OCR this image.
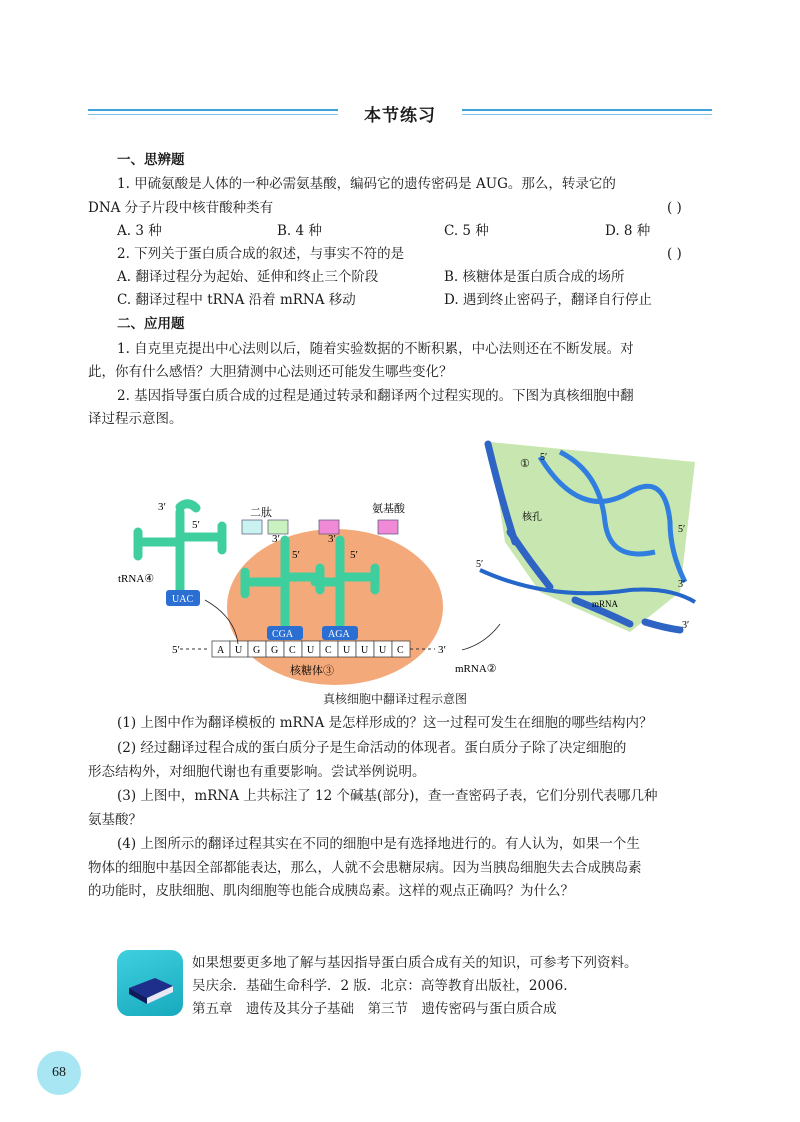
本节练习
一、思辨题
1. 甲硫氨酸是人体的一种必需氨基酸，编码它的遗传密码是 AUG。那么，转录它的
DNA 分子片段中核苷酸种类有	( )
A. 3 种	B. 4 种	C. 5 种	D. 8 种
2. 下列关于蛋白质合成的叙述，与事实不符的是	( )
A. 翻译过程分为起始、延伸和终止三个阶段	B. 核糖体是蛋白质合成的场所
C. 翻译过程中 tRNA 沿着 mRNA 移动	D. 遇到终止密码子，翻译自行停止
二、应用题
1. 自克里克提出中心法则以后，随着实验数据的不断积累，中心法则还在不断发展。对
此，你有什么感悟？大胆猜测中心法则还可能发生哪些变化？
2. 基因指导蛋白质合成的过程是通过转录和翻译两个过程实现的。下图为真核细胞中翻
译过程示意图。
二肽	氨基酸
A U G G C U C U U U C
5′	3′
3′
5′
3′
5′
3′
5′
tRNA④
核糖体③
UAC
CGA	AGA
①
核孔
mRNA
mRNA②
5′
5′
5′
3′
3′
真核细胞中翻译过程示意图
(1) 上图中作为翻译模板的 mRNA 是怎样形成的？这一过程可发生在细胞的哪些结构内？
(2) 经过翻译过程合成的蛋白质分子是生命活动的体现者。蛋白质分子除了决定细胞的
形态结构外，对细胞代谢也有重要影响。尝试举例说明。
(3) 上图中，mRNA 上共标注了 12 个碱基(部分)，查一查密码子表，它们分别代表哪几种
氨基酸？
(4) 上图所示的翻译过程其实在不同的细胞中是有选择地进行的。有人认为，如果一个生
物体的细胞中基因全部都能表达，那么，人就不会患糖尿病。因为当胰岛细胞失去合成胰岛素
的功能时，皮肤细胞、肌肉细胞等也能合成胰岛素。这样的观点正确吗？为什么？
如果想要更多地了解与基因指导蛋白质合成有关的知识，可参考下列资料。
吴庆余．基础生命科学．2 版．北京：高等教育出版社，2006.
第五章　遗传及其分子基础　第三节　遗传密码与蛋白质合成
68
